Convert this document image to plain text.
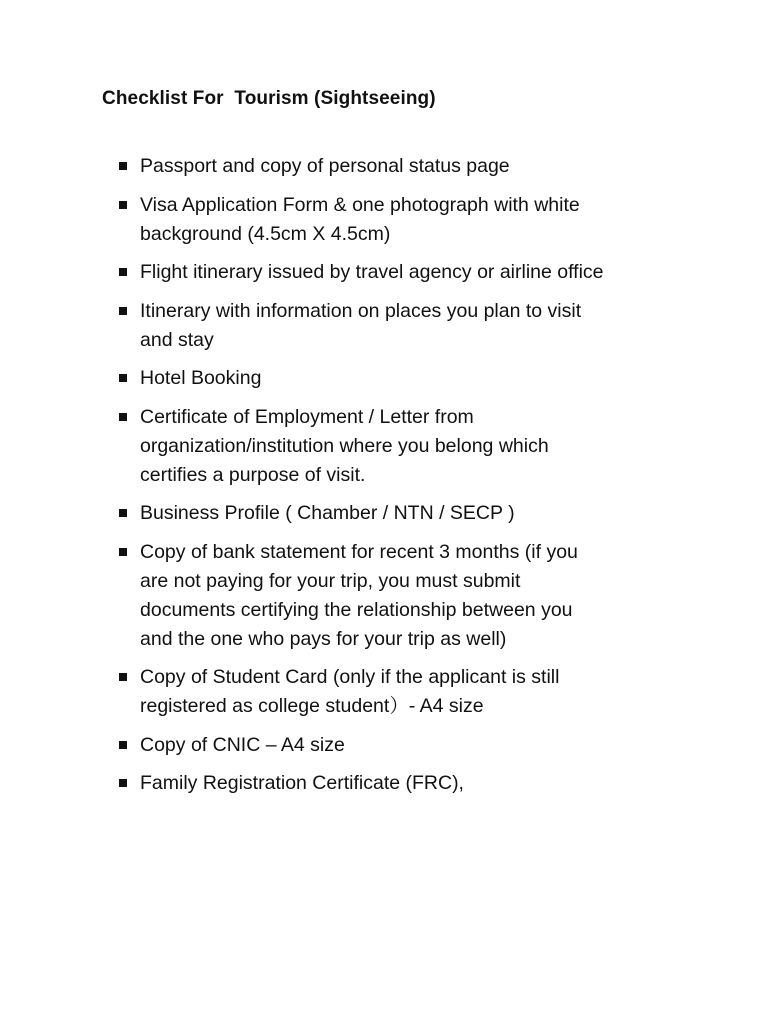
Checklist For  Tourism (Sightseeing)
Passport and copy of personal status page
Visa Application Form & one photograph with white
background (4.5cm X 4.5cm)
Flight itinerary issued by travel agency or airline office
Itinerary with information on places you plan to visit
and stay
Hotel Booking
Certificate of Employment / Letter from
organization/institution where you belong which
certifies a purpose of visit.
Business Profile ( Chamber / NTN / SECP )
Copy of bank statement for recent 3 months (if you
are not paying for your trip, you must submit
documents certifying the relationship between you
and the one who pays for your trip as well)
Copy of Student Card (only if the applicant is still
registered as college student）- A4 size
Copy of CNIC – A4 size
Family Registration Certificate (FRC),
